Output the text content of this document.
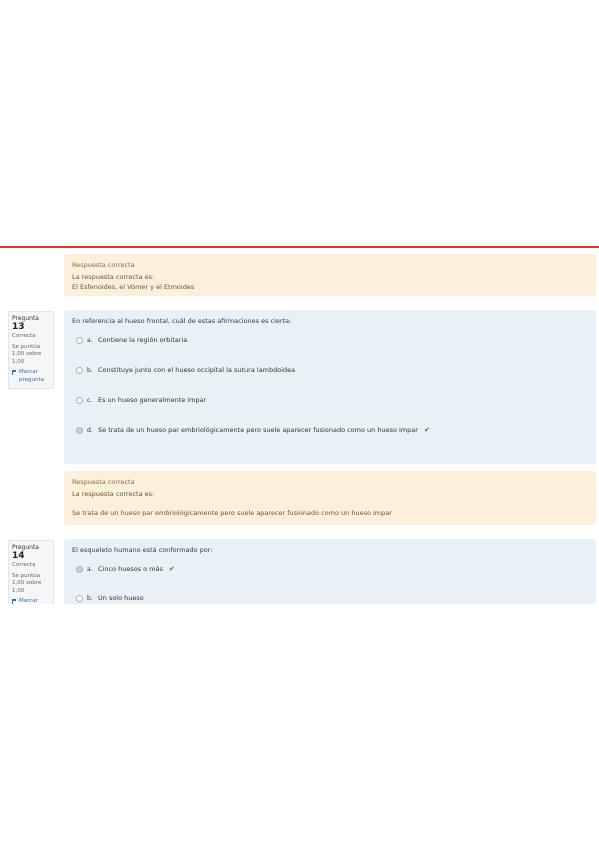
Respuesta correcta
La respuesta correcta es:
El Esfenoides, el Vómer y el Etmoides
Pregunta 13
Correcta
Se puntúa 1,00 sobre 1,00
Marcar pregunta
En referencia al hueso frontal, cuál de estas afirmaciones es cierta:
a. Contiene la región orbitaria
b. Constituye junto con el hueso occipital la sutura lambdoidea
c. Es un hueso generalmente impar
d. Se trata de un hueso par embriológicamente pero suele aparecer fusionado como un hueso impar ✔
Respuesta correcta
La respuesta correcta es:
Se trata de un hueso par embriológicamente pero suele aparecer fusionado como un hueso impar
Pregunta 14
Correcta
Se puntúa 1,00 sobre 1,00
Marcar
El esqueleto humano está conformado por:
a. Cinco huesos o más ✔
b. Un solo hueso
